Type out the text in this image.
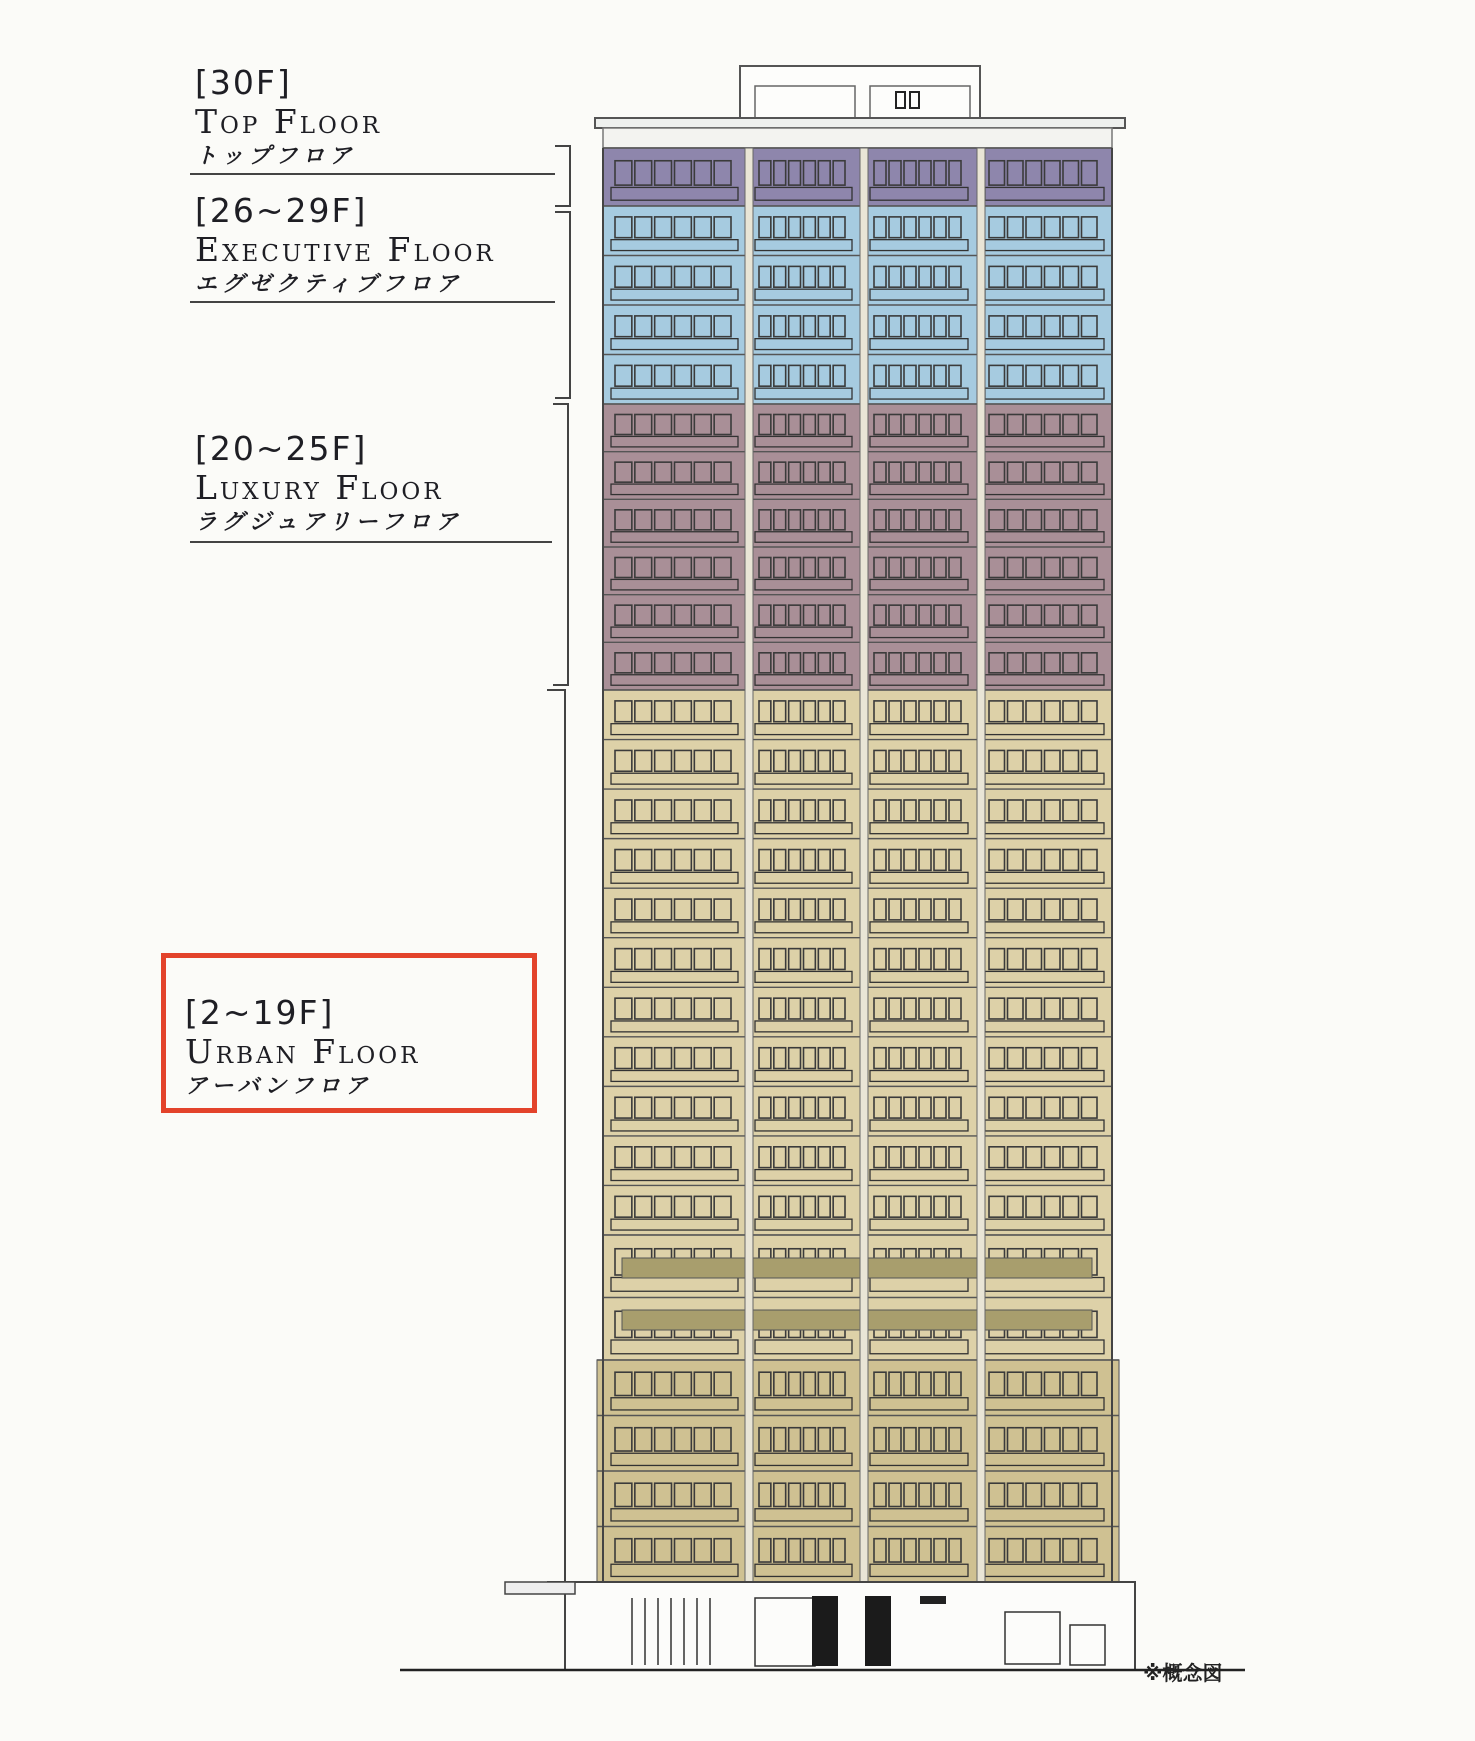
[30F]
Top Floor
トップフロア
[26~29F]
Executive Floor
エグゼクティブフロア
[20~25F]
Luxury Floor
ラグジュアリーフロア
[2~19F]
Urban Floor
アーバンフロア
※概念図
